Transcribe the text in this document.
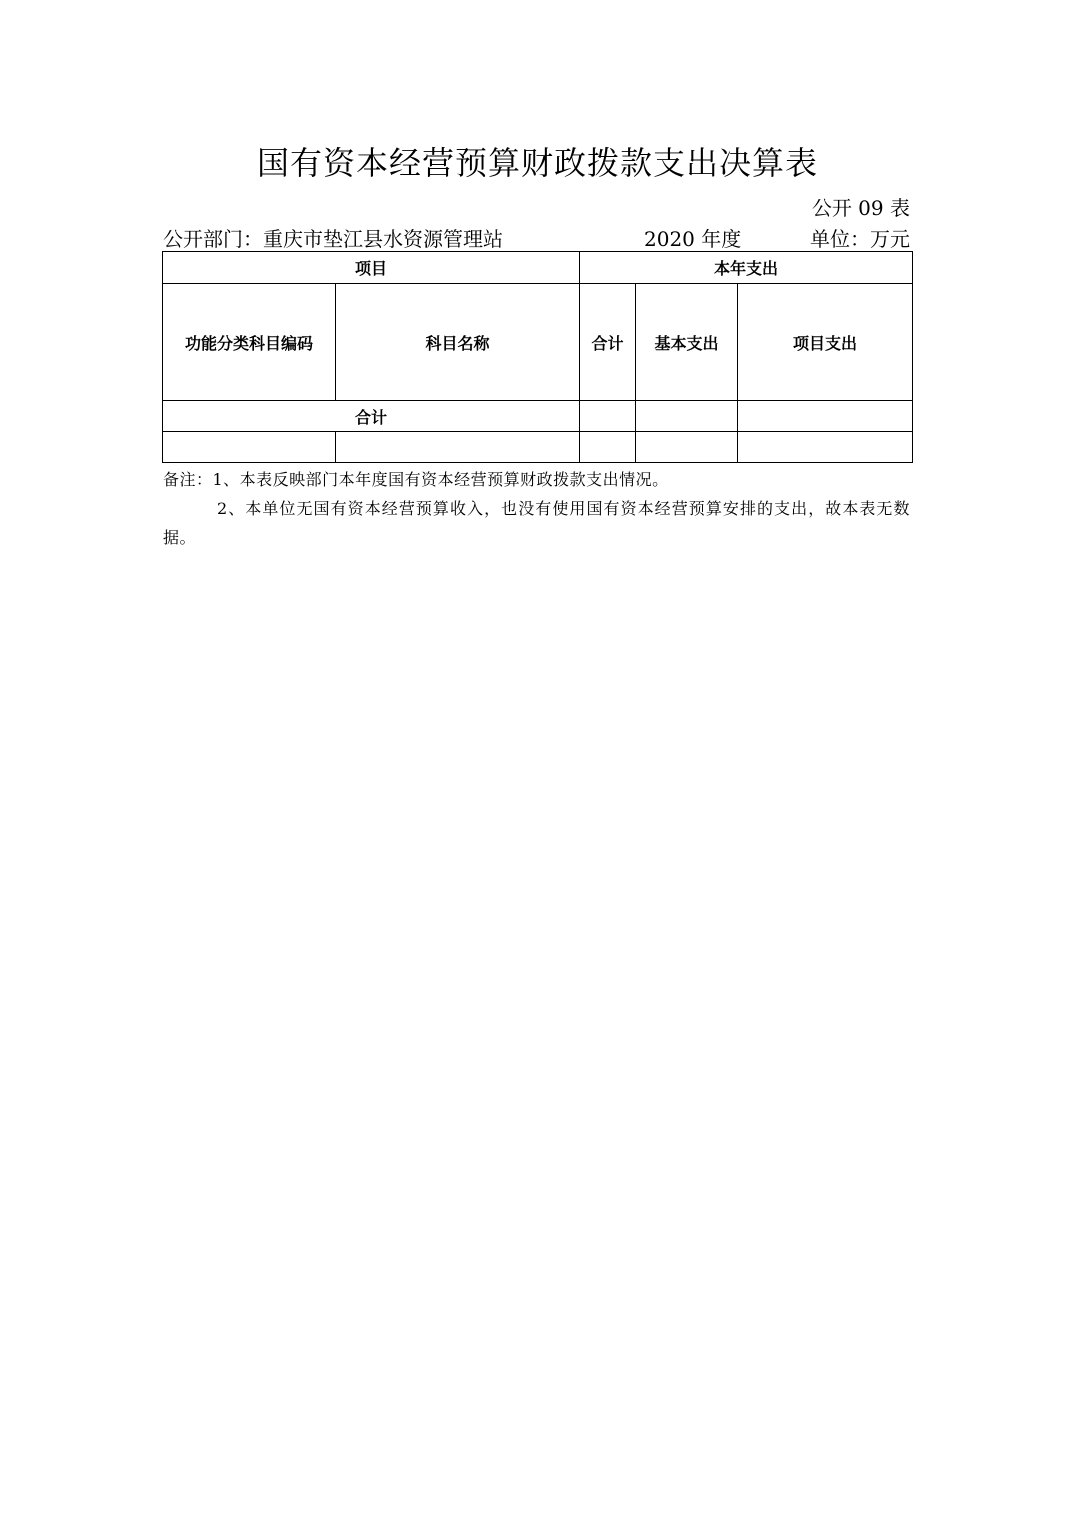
国有资本经营预算财政拨款支出决算表
公开 09 表
公开部门：重庆市垫江县水资源管理站	2020 年度	单位：万元
项目		本年支出		
功能分类科目编码	科目名称	合计	基本支出	项目支出
合计				

备注：1、本表反映部门本年度国有资本经营预算财政拨款支出情况。
2、本单位无国有资本经营预算收入，也没有使用国有资本经营预算安排的支出，故本表无数据。
